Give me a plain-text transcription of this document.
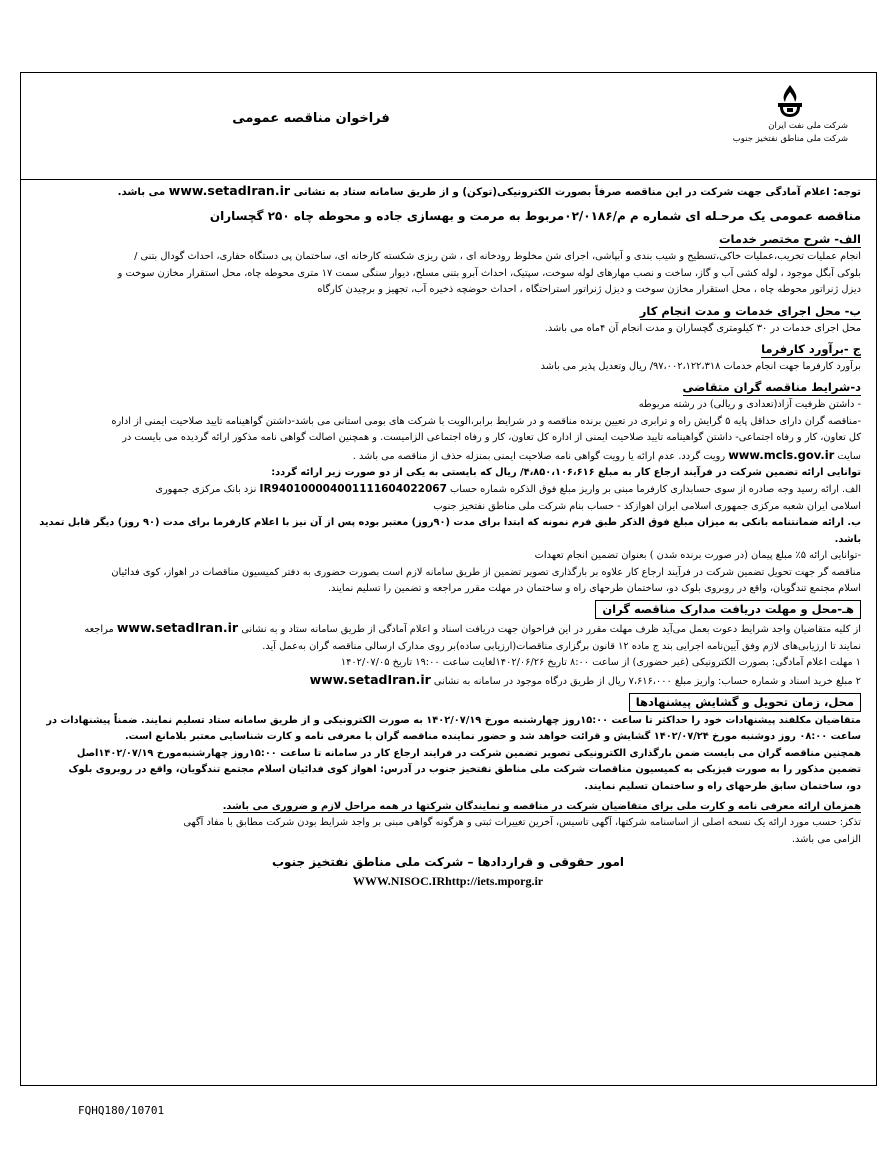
شرکت ملی نفت ایران
شرکت ملی مناطق نفتخیز جنوب
فراخوان مناقصه عمومی

توجه: اعلام آمادگی جهت شرکت در این مناقصه صرفاً بصورت الکترونیکی(توکن) و از طریق سامانه ستاد به نشانی www.setadIran.ir می باشد.

مناقصه عمومی یک مرحـله ای شماره م م/۰۲/۰۱۸۶مربوط به مرمت و بهسازی جاده و محوطه چاه ۲۵۰ گچساران

الف- شرح مختصر خدمات

انجام عملیات تخریب،عملیات خاکی،تسطیح و شیب بندی و آبپاشی، اجرای شن مخلوط رودخانه ای ، شن ریزی شکسته کارخانه ای، ساختمان پی دستگاه حفاری، احداث گودال بتنی /

بلوکی آبگل موجود ، لوله کشی آب و گاز، ساخت و نصب مهارهای لوله سوخت، سپتیک، احداث آبرو بتنی مسلح، دیوار سنگی سمت ۱۷ متری محوطه چاه، محل استقرار مخازن سوخت و

دیزل ژنراتور محوطه چاه ، محل استقرار مخازن سوخت و دیزل ژنراتور استراحتگاه ، احداث حوضچه ذخیره آب، تجهیز و برچیدن کارگاه

ب- محل اجرای خدمات و مدت انجام کار

محل اجرای خدمات در ۳۰ کیلومتری گچساران و مدت انجام آن ۴ماه می باشد.

ج -برآورد کارفرما

برآورد کارفرما جهت انجام خدمات ۹۷،۰۰۲،۱۲۲،۳۱۸/ ریال وتعدیل پذیر می باشد

د-شرایط مناقصه گران متقاضی

- داشتن ظرفیت آزاد(تعدادی و ریالی) در رشته مربوطه

-مناقصه گران دارای حداقل پایه ۵ گرایش راه و ترابری در تعیین برنده مناقصه و در شرایط برابر،الویت با شرکت های بومی استانی می باشد-داشتن گواهینامه تایید صلاحیت ایمنی از اداره

کل تعاون، کار و رفاه اجتماعی- داشتن گواهینامه تایید صلاحیت ایمنی از اداره کل تعاون، کار و رفاه اجتماعی الزامیست. و همچنین اصالت گواهی نامه مذکور ارائه گردیده می بایست در

سایت www.mcls.gov.ir رویت گردد. عدم ارائه یا رویت گواهی نامه صلاحیت ایمنی بمنزله حذف از مناقصه می باشد .

توانایی ارائه تضمین شرکت در فرآیند ارجاع کار به مبلغ ۴،۸۵۰،۱۰۶،۶۱۶/ ریال که بایستی به یکی از دو صورت زیر ارائه گردد:

الف. ارائه رسید وجه صادره از سوی حسابداری کارفرما مبنی بر واریز مبلغ فوق الذکره شماره حساب IR940100004001111604022067 نزد بانک مرکزی جمهوری

اسلامی ایران شعبه مرکزی جمهوری اسلامی ایران اهوازکد - حساب بنام شرکت ملی مناطق نفتخیز جنوب

ب. ارائه ضمانتنامه بانکی به میزان مبلغ فوق الذکر طبق فرم نمونه که ابتدا برای مدت (۹۰روز) معتبر بوده پس از آن نیز با اعلام کارفرما برای مدت (۹۰ روز) دیگر قابل تمدید باشد.

-توانایی ارائه ۵٪ مبلغ پیمان (در صورت برنده شدن ) بعنوان تضمین انجام تعهدات

مناقصه گر جهت تحویل تضمین شرکت در فرآیند ارجاع کار علاوه بر بارگذاری تصویر تضمین از طریق سامانه لازم است بصورت حضوری به دفتر کمیسیون مناقصات در اهواز، کوی فدائیان

اسلام مجتمع تندگویان، واقع در روبروی بلوک دو، ساختمان طرحهای راه و ساختمان در مهلت مقرر مراجعه و تضمین را تسلیم نمایند.

هـ-محل و مهلت دریافت مدارک مناقصه گران

از کلیه متقاضیان واجد شرایط دعوت بعمل می‌آید ظرف مهلت مقرر در این فراخوان جهت دریافت اسناد و اعلام آمادگی از طریق سامانه ستاد و به نشانی www.setadIran.ir مراجعه

نمایند تا ارزیابی‌های لازم وفق آیین‌نامه اجرایی بند ج ماده ۱۲ قانون برگزاری مناقصات(ارزیابی ساده)بر روی مدارک ارسالی مناقصه گران به‌عمل آید.

۱ مهلت اعلام آمادگی: بصورت الکترونیکی (غیر حضوری) از ساعت ۸:۰۰ تاریخ ۱۴۰۲/۰۶/۲۶لغایت ساعت ۱۹:۰۰ تاریخ ۱۴۰۲/۰۷/۰۵

۲ مبلغ خرید اسناد و شماره حساب: واریز مبلغ ۷،۶۱۶،۰۰۰ ریال از طریق درگاه موجود در سامانه به نشانی www.setadIran.ir

محل، زمان تحویل و گشایش پیشنهادها

متقاضیان مکلفند پیشنهادات خود را حداکثر تا ساعت ۱۵:۰۰روز چهارشنبه مورخ ۱۴۰۲/۰۷/۱۹ به صورت الکترونیکی و از طریق سامانه ستاد تسلیم نمایند. ضمناً پیشنهادات در

ساعت ۰۸:۰۰ روز دوشنبه مورخ ۱۴۰۲/۰۷/۲۴ گشایش و قرائت خواهد شد و حضور نماینده مناقصه گران با معرفی نامه و کارت شناسایی معتبر بلامانع است.

همچنین مناقصه گران می بایست ضمن بارگذاری الکترونیکی تصویر تضمین شرکت در فرایند ارجاع کار در سامانه تا ساعت ۱۵:۰۰روز چهارشنبه‌مورخ ۱۴۰۲/۰۷/۱۹اصل

تضمین مذکور را به صورت فیزیکی به کمیسیون مناقصات شرکت ملی مناطق نفتخیز جنوب در آدرس: اهواز کوی فدائیان اسلام مجتمع تندگویان، واقع در روبروی بلوک

دو، ساختمان سابق طرحهای راه و ساختمان تسلیم نمایند.

همزمان ارائه معرفی نامه و کارت ملی برای متقاضیان شرکت در مناقصه و نمایندگان شرکتها در همه مراحل لازم و ضروری می باشد.

تذکر: حسب مورد ارائه یک نسخه اصلی از اساسنامه شرکتها، آگهی تاسیس، آخرین تغییرات ثبتی و هرگونه گواهی مبنی بر واجد شرایط بودن شرکت مطابق با مفاد آگهی

الزامی می باشد.

امور حقوقی و قراردادها – شرکت ملی مناطق نفتخیز جنوب
WWW.NISOC.IRhttp://iets.mporg.ir
FQHQ180/10701
